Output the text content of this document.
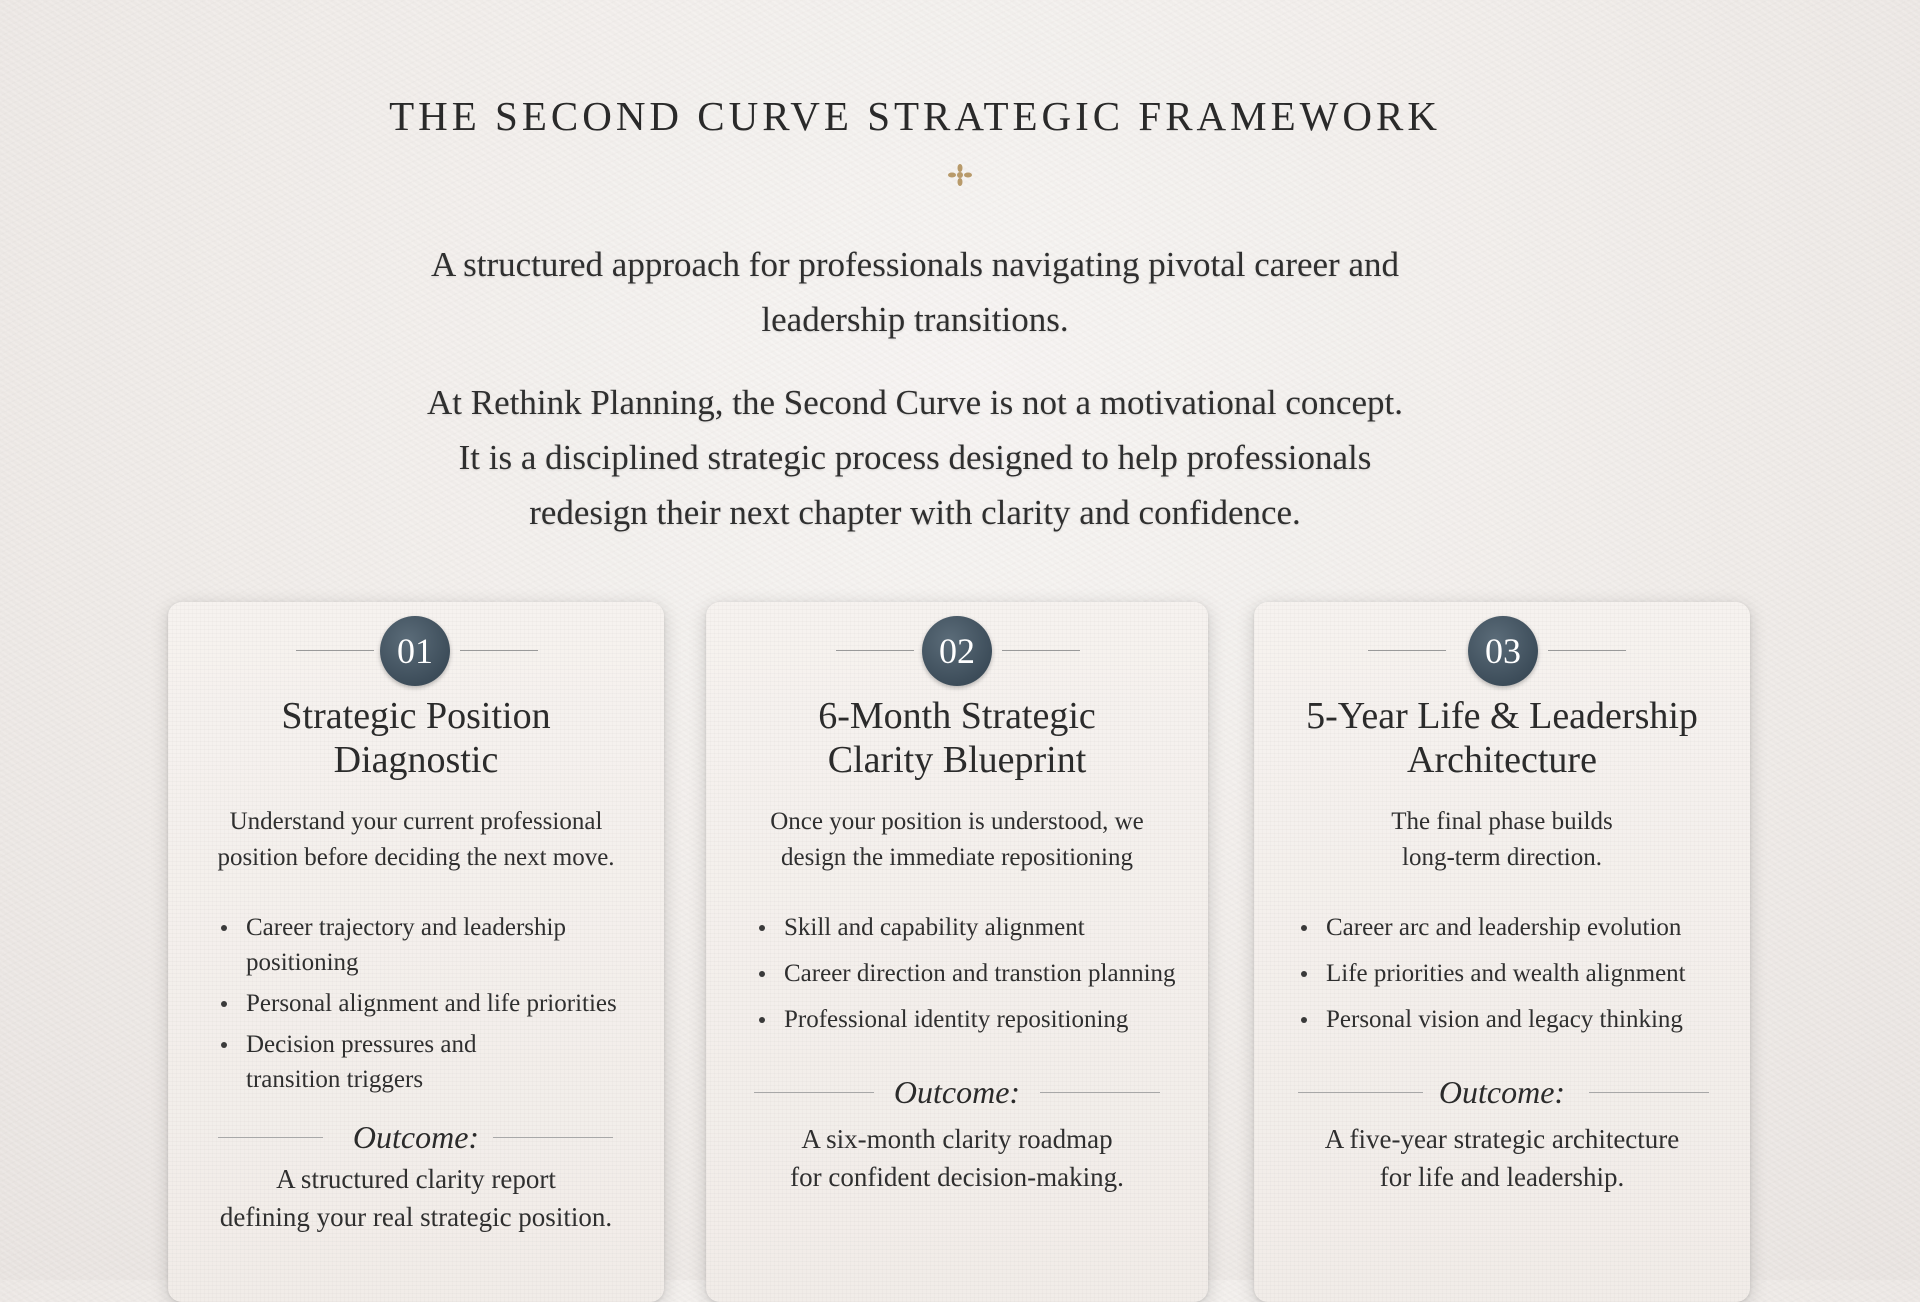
THE SECOND CURVE STRATEGIC FRAMEWORK

A structured approach for professionals navigating pivotal career and
leadership transitions.

At Rethink Planning, the Second Curve is not a motivational concept.
It is a disciplined strategic process designed to help professionals
redesign their next chapter with clarity and confidence.

01
Strategic Position
Diagnostic

Understand your current professional
position before deciding the next move.

Career trajectory and leadership
positioning
Personal alignment and life priorities
Decision pressures and
transition triggers
Outcome:

A structured clarity report
defining your real strategic position.

02
6-Month Strategic
Clarity Blueprint

Once your position is understood, we
design the immediate repositioning

Skill and capability alignment
Career direction and transtion planning
Professional identity repositioning
Outcome:

A six-month clarity roadmap
for confident decision-making.

03
5-Year Life & Leadership
Architecture

The final phase builds
long-term direction.

Career arc and leadership evolution
Life priorities and wealth alignment
Personal vision and legacy thinking
Outcome:

A five-year strategic architecture
for life and leadership.
